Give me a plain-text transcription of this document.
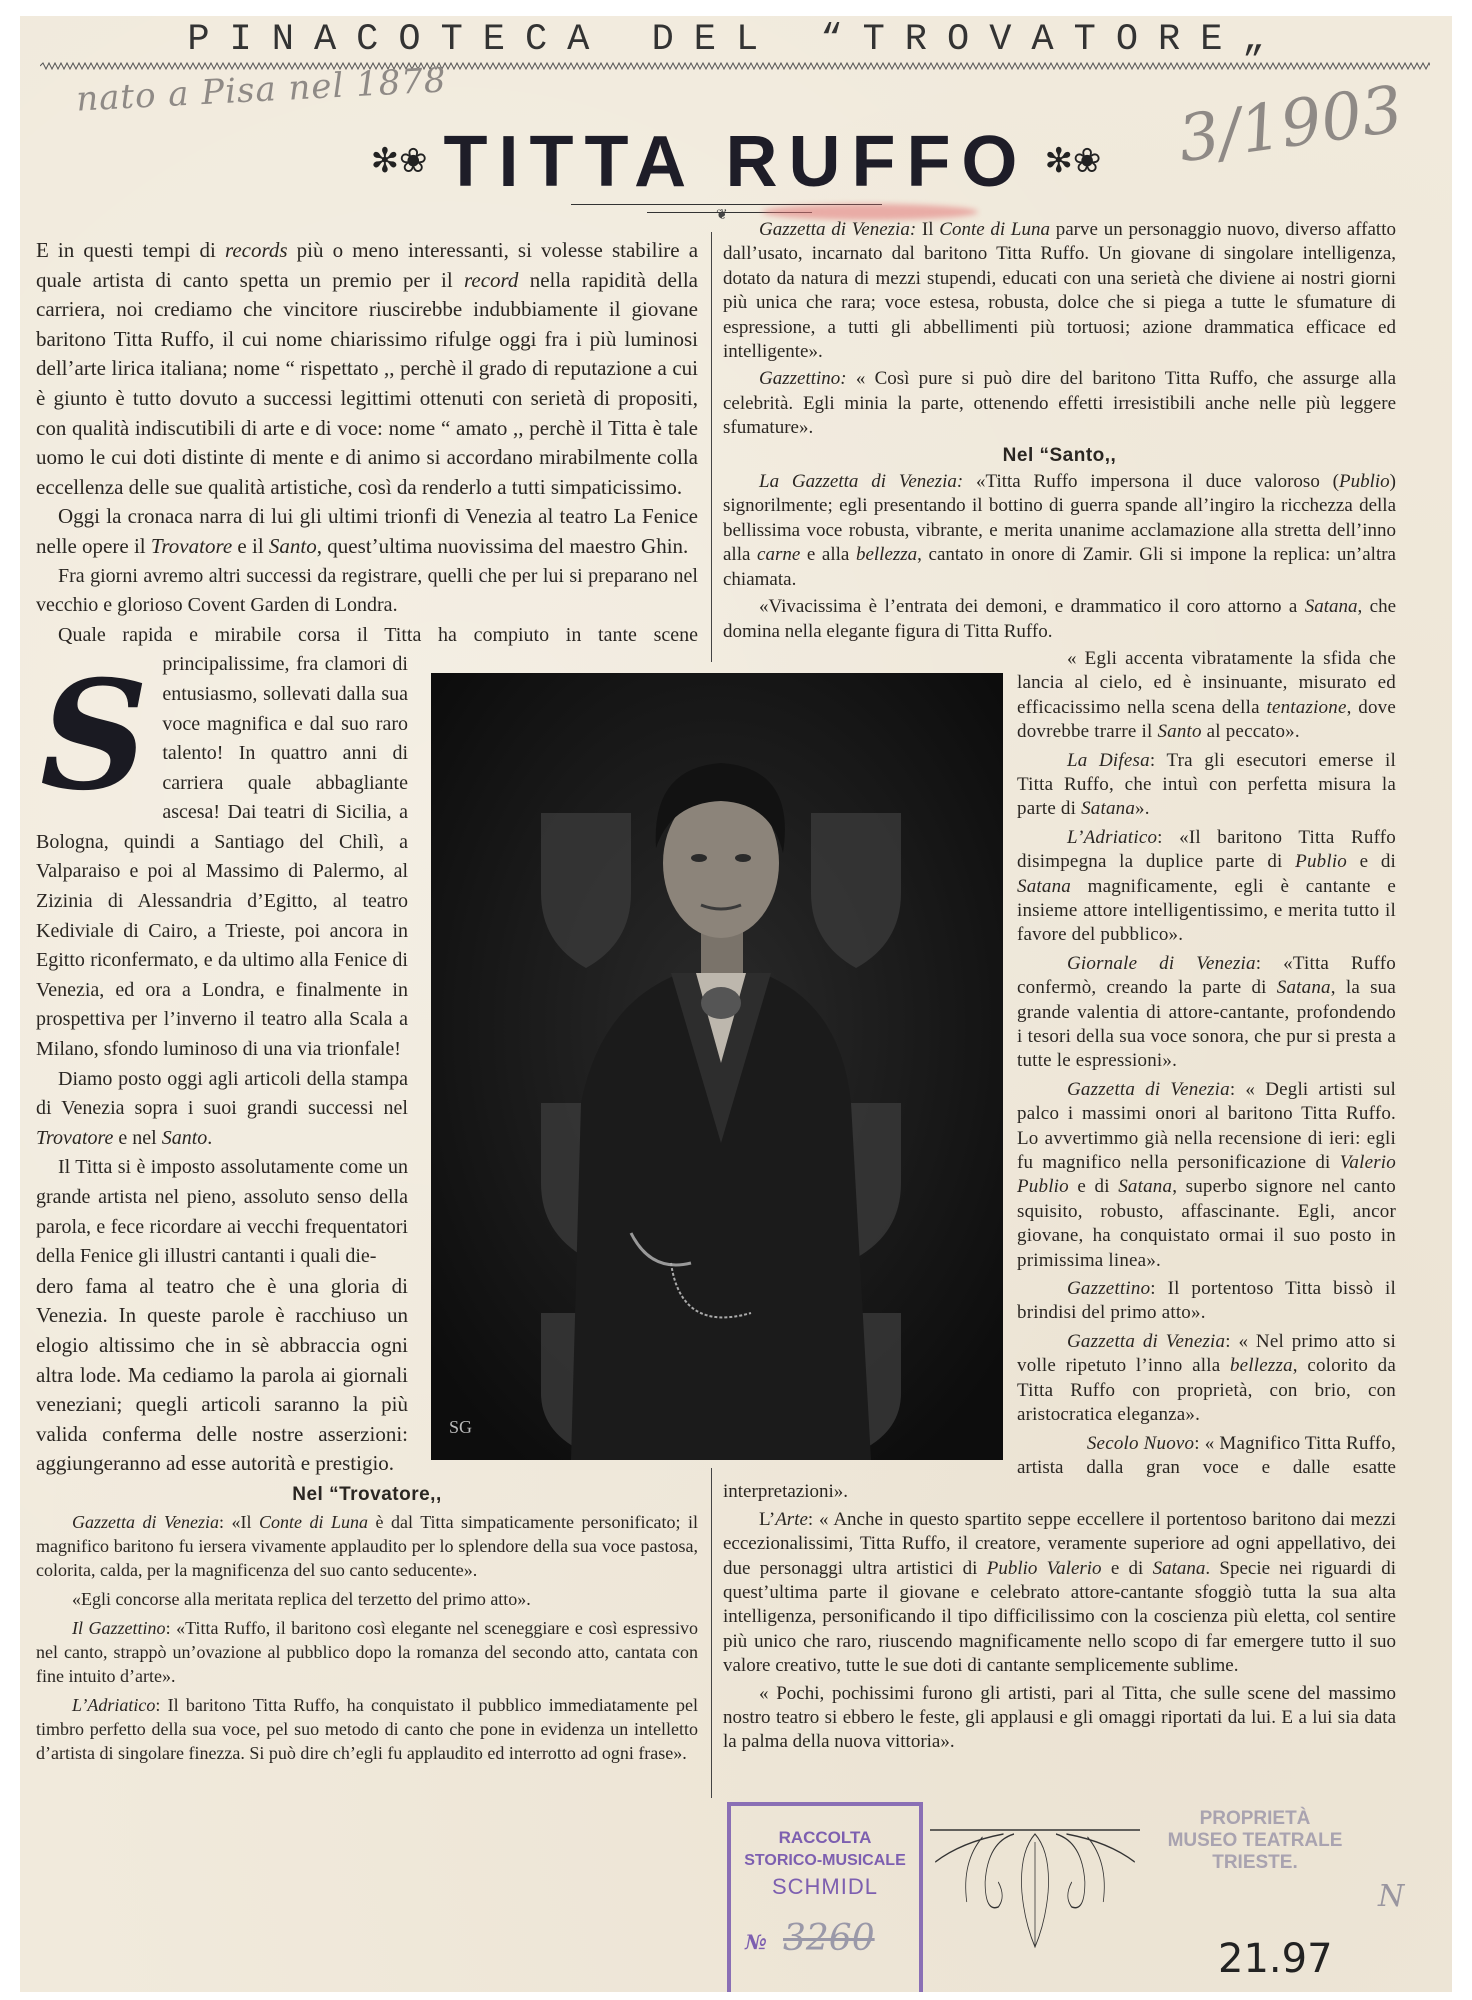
PINACOTECA DEL “TROVATORE„
nato a Pisa nel 1878	3/1903
✻❀ TITTA RUFFO ✻❀
❦
S

E in questi tempi di records più o meno interessanti, si volesse stabilire a quale artista di canto spetta un premio per il record nella rapidità della carriera, noi crediamo che vincitore riuscirebbe indubbiamente il giovane baritono Titta Ruffo, il cui nome chiarissimo rifulge oggi fra i più luminosi dell’arte lirica italiana; nome “ rispettato ,, perchè il grado di reputazione a cui è giunto è tutto dovuto a successi legittimi ottenuti con serietà di propositi, con qualità indiscutibili di arte e di voce: nome “ amato ,, perchè il Titta è tale uomo le cui doti distinte di mente e di animo si accordano mirabilmente colla eccellenza delle sue qualità artistiche, così da renderlo a tutti simpaticissimo.

Oggi la cronaca narra di lui gli ultimi trionfi di Venezia al teatro La Fenice nelle opere il Trovatore e il Santo, quest’ultima nuovissima del maestro Ghin.

Fra giorni avremo altri successi da registrare, quelli che per lui si preparano nel vecchio e glorioso Covent Garden di Londra.

Quale rapida e mirabile corsa il Titta ha compiuto in tante scene principalissime, fra clamori di entusiasmo, sollevati dalla sua voce magnifica e dal suo raro talento! In quattro anni di carriera quale abbagliante ascesa! Dai teatri di Sicilia, a Bologna, quindi a Santiago del Chilì, a Valparaiso e poi al Massimo di Palermo, al Zizinia di Alessandria d’Egitto, al teatro Kediviale di Cairo, a Trieste, poi ancora in Egitto riconfermato, e da ultimo alla Fenice di Venezia, ed ora a Londra, e finalmente in prospettiva per l’inverno il teatro alla Scala a Milano, sfondo luminoso di una via trionfale!

Diamo posto oggi agli articoli della stampa di Venezia sopra i suoi grandi successi nel Trovatore e nel Santo.

Il Titta si è imposto assolutamente come un grande artista nel pieno, assoluto senso della parola, e fece ricordare ai vecchi frequentatori della Fenice gli illustri cantanti i quali die-

dero fama al teatro che è una gloria di Venezia. In queste parole è racchiuso un elogio altissimo che in sè abbraccia ogni altra lode. Ma cediamo la parola ai giornali veneziani; quegli articoli saranno la più valida conferma delle nostre asserzioni: aggiungeranno ad esse autorità e prestigio.

Nel “Trovatore,,

Gazzetta di Venezia: «Il Conte di Luna è dal Titta simpaticamente personificato; il magnifico baritono fu iersera vivamente applaudito per lo splendore della sua voce pastosa, colorita, calda, per la magnificenza del suo canto seducente».

«Egli concorse alla meritata replica del terzetto del primo atto».

Il Gazzettino: «Titta Ruffo, il baritono così elegante nel sceneggiare e così espressivo nel canto, strappò un’ovazione al pubblico dopo la romanza del secondo atto, cantata con fine intuito d’arte».

L’Adriatico: Il baritono Titta Ruffo, ha conquistato il pubblico immediatamente pel timbro perfetto della sua voce, pel suo metodo di canto che pone in evidenza un intelletto d’artista di singolare finezza. Si può dire ch’egli fu applaudito ed interrotto ad ogni frase».

Gazzetta di Venezia: Il Conte di Luna parve un personaggio nuovo, diverso affatto dall’usato, incarnato dal baritono Titta Ruffo. Un giovane di singolare intelligenza, dotato da natura di mezzi stupendi, educati con una serietà che diviene ai nostri giorni più unica che rara; voce estesa, robusta, dolce che si piega a tutte le sfumature di espressione, a tutti gli abbellimenti più tortuosi; azione drammatica efficace ed intelligente».

Gazzettino: « Così pure si può dire del baritono Titta Ruffo, che assurge alla celebrità. Egli minia la parte, ottenendo effetti irresistibili anche nelle più leggere sfumature».

Nel “Santo,,

La Gazzetta di Venezia: «Titta Ruffo impersona il duce valoroso (Publio) signorilmente; egli presentando il bottino di guerra spande all’ingiro la ricchezza della bellissima voce robusta, vibrante, e merita unanime acclamazione alla stretta dell’inno alla carne e alla bellezza, cantato in onore di Zamir. Gli si impone la replica: un’altra chiamata.

«Vivacissima è l’entrata dei demoni, e drammatico il coro attorno a Satana, che domina nella elegante figura di Titta Ruffo.

« Egli accenta vibratamente la sfida che lancia al cielo, ed è insinuante, misurato ed efficacissimo nella scena della tentazione, dove dovrebbe trarre il Santo al peccato».

La Difesa: Tra gli esecutori emerse il Titta Ruffo, che intuì con perfetta misura la parte di Satana».

L’Adriatico: «Il baritono Titta Ruffo disimpegna la duplice parte di Publio e di Satana magnificamente, egli è cantante e insieme attore intelligentissimo, e merita tutto il favore del pubblico».

Giornale di Venezia: «Titta Ruffo confermò, creando la parte di Satana, la sua grande valentia di attore-cantante, profondendo i tesori della sua voce sonora, che pur si presta a tutte le espressioni».

Gazzetta di Venezia: « Degli artisti sul palco i massimi onori al baritono Titta Ruffo. Lo avvertimmo già nella recensione di ieri: egli fu magnifico nella personificazione di Valerio Publio e di Satana, superbo signore nel canto squisito, robusto, affascinante. Egli, ancor giovane, ha conquistato ormai il suo posto in primissima linea».

Gazzettino: Il portentoso Titta bissò il brindisi del primo atto».

Gazzetta di Venezia: « Nel primo atto si volle ripetuto l’inno alla bellezza, colorito da Titta Ruffo con proprietà, con brio, con aristocratica eleganza».

Secolo Nuovo: « Magnifico Titta Ruffo,

artista dalla gran voce e dalle esatte interpretazioni».

L’Arte: « Anche in questo spartito seppe eccellere il portentoso baritono dai mezzi eccezionalissimi, Titta Ruffo, il creatore, veramente superiore ad ogni appellativo, dei due personaggi ultra artistici di Publio Valerio e di Satana. Specie nei riguardi di quest’ultima parte il giovane e celebrato attore-cantante sfoggiò tutta la sua alta intelligenza, personificando il tipo difficilissimo con la coscienza più eletta, col sentire più unico che raro, riuscendo magnificamente nello scopo di far emergere tutto il suo valore creativo, tutte le sue doti di cantante semplicemente sublime.

« Pochi, pochissimi furono gli artisti, pari al Titta, che sulle scene del massimo nostro teatro si ebbero le feste, gli applausi e gli omaggi riportati da lui. E a lui sia data la palma della nuova vittoria».

SG
RACCOLTA
STORICO-MUSICALE
SCHMIDL
№ 3260
PROPRIETÀ
MUSEO TEATRALE
TRIESTE.
N
21.97
